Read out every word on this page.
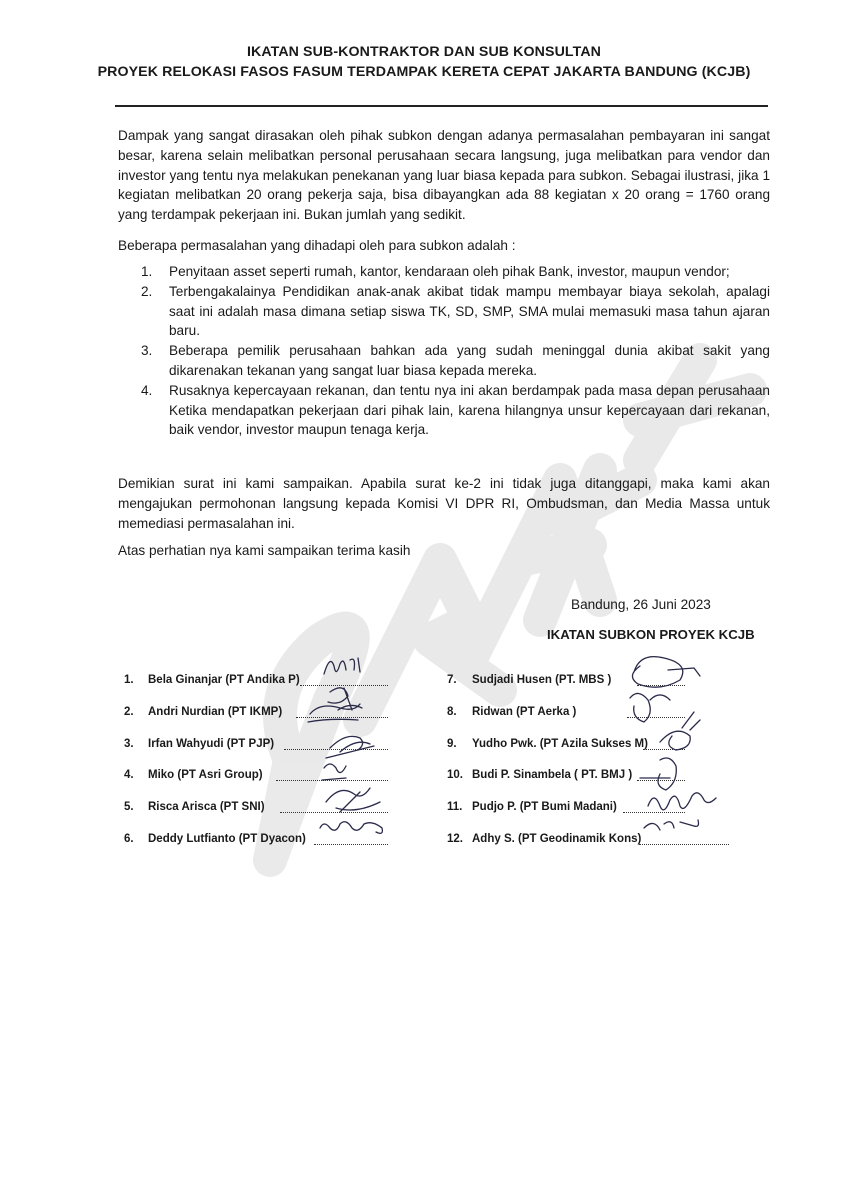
IKATAN SUB-KONTRAKTOR DAN SUB KONSULTAN
PROYEK RELOKASI FASOS FASUM TERDAMPAK KERETA CEPAT JAKARTA BANDUNG (KCJB)
Dampak yang sangat dirasakan oleh pihak subkon dengan adanya permasalahan pembayaran ini sangat besar, karena selain melibatkan personal perusahaan secara langsung, juga melibatkan para vendor dan investor yang tentu nya melakukan penekanan yang luar biasa kepada para subkon. Sebagai ilustrasi, jika 1 kegiatan melibatkan 20 orang pekerja saja, bisa dibayangkan ada 88 kegiatan x 20 orang = 1760 orang yang terdampak pekerjaan ini. Bukan jumlah yang sedikit.
Beberapa permasalahan yang dihadapi oleh para subkon adalah :
1. Penyitaan asset seperti rumah, kantor, kendaraan oleh pihak Bank, investor, maupun vendor;
2. Terbengakalainya Pendidikan anak-anak akibat tidak mampu membayar biaya sekolah, apalagi saat ini adalah masa dimana setiap siswa TK, SD, SMP, SMA mulai memasuki masa tahun ajaran baru.
3. Beberapa pemilik perusahaan bahkan ada yang sudah meninggal dunia akibat sakit yang dikarenakan tekanan yang sangat luar biasa kepada mereka.
4. Rusaknya kepercayaan rekanan, dan tentu nya ini akan berdampak pada masa depan perusahaan Ketika mendapatkan pekerjaan dari pihak lain, karena hilangnya unsur kepercayaan dari rekanan, baik vendor, investor maupun tenaga kerja.
Demikian surat ini kami sampaikan. Apabila surat ke-2 ini tidak juga ditanggapi, maka kami akan mengajukan permohonan langsung kepada Komisi VI DPR RI, Ombudsman, dan Media Massa untuk memediasi permasalahan ini.
Atas perhatian nya kami sampaikan terima kasih
Bandung, 26 Juni 2023
IKATAN SUBKON PROYEK KCJB
1. Bela Ginanjar (PT Andika P)
2. Andri Nurdian (PT IKMP)
3. Irfan Wahyudi (PT PJP)
4. Miko (PT Asri Group)
5. Risca Arisca (PT SNI)
6. Deddy Lutfianto (PT Dyacon)
7. Sudjadi Husen (PT. MBS )
8. Ridwan (PT Aerka )
9. Yudho Pwk. (PT Azila Sukses M)
10. Budi P. Sinambela ( PT. BMJ )
11. Pudjo P. (PT Bumi Madani)
12. Adhy S. (PT Geodinamik Kons)
